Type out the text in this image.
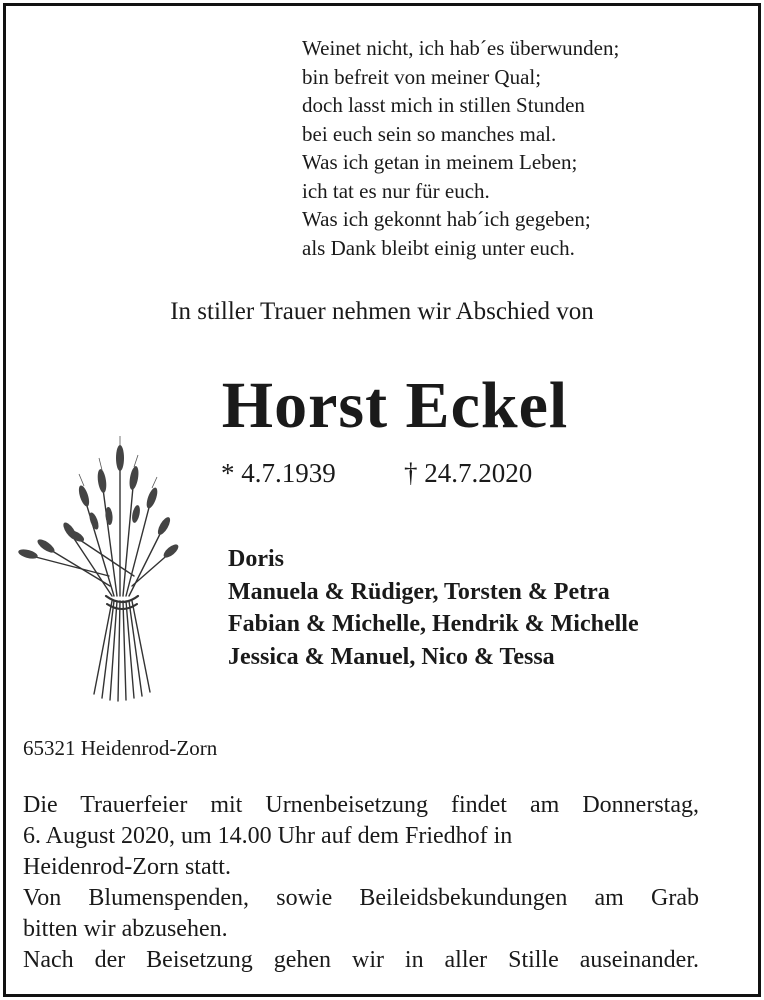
Weinet nicht, ich hab´es überwunden;
bin befreit von meiner Qual;
doch lasst mich in stillen Stunden
bei euch sein so manches mal.
Was ich getan in meinem Leben;
ich tat es nur für euch.
Was ich gekonnt hab´ich gegeben;
als Dank bleibt einig unter euch.
In stiller Trauer nehmen wir Abschied von
Horst Eckel
* 4.7.1939	† 24.7.2020
Doris
Manuela & Rüdiger, Torsten & Petra
Fabian & Michelle, Hendrik & Michelle
Jessica & Manuel, Nico & Tessa
65321 Heidenrod-Zorn
Die Trauerfeier mit Urnenbeisetzung findet am Donnerstag,
6. August 2020, um 14.00 Uhr auf dem Friedhof in
Heidenrod-Zorn statt.
Von Blumenspenden, sowie Beileidsbekundungen am Grab
bitten wir abzusehen.
Nach der Beisetzung gehen wir in aller Stille auseinander.
